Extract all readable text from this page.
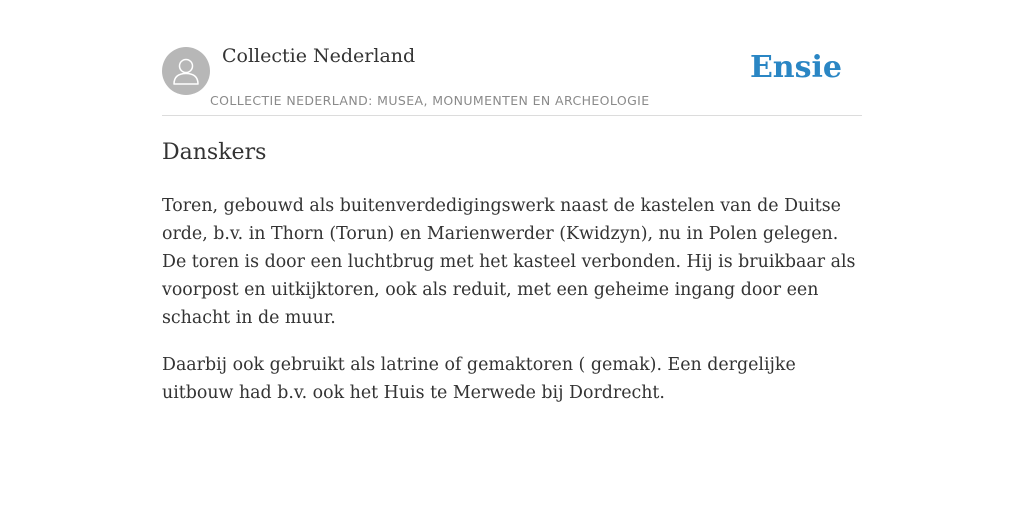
Collectie Nederland
COLLECTIE NEDERLAND: MUSEA, MONUMENTEN EN ARCHEOLOGIE
Ensie
Danskers

Toren, gebouwd als buitenverdedigingswerk naast de kastelen van de Duitse orde, b.v. in Thorn (Torun) en Marienwerder (Kwidzyn), nu in Polen gelegen. De toren is door een luchtbrug met het kasteel verbonden. Hij is bruikbaar als voorpost en uitkijktoren, ook als reduit, met een geheime ingang door een schacht in de muur.

Daarbij ook gebruikt als latrine of gemaktoren ( gemak). Een dergelijke uitbouw had b.v. ook het Huis te Merwede bij Dordrecht.
